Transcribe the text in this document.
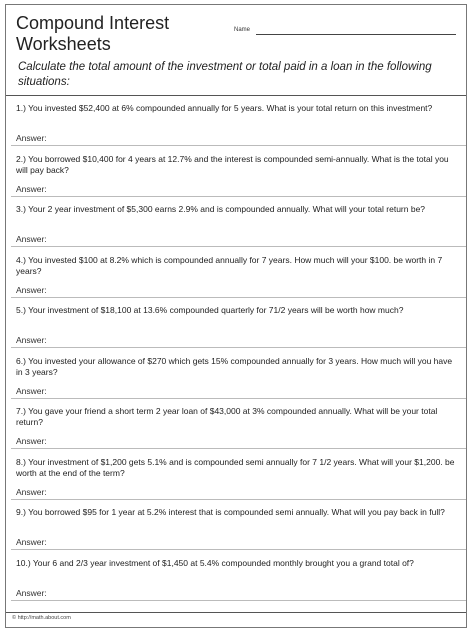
Compound Interest
Worksheets
Name
Calculate the total amount of the investment or total paid in a loan in the following situations:

1.) You invested $52,400 at 6% compounded annually for 5 years. What is your total return on this investment?

Answer:

2.) You borrowed $10,400 for 4 years at 12.7% and the interest is compounded semi-annually. What is the total you will pay back?

Answer:

3.) Your 2 year investment of $5,300 earns 2.9% and is compounded annually. What will your total return be?

Answer:

4.) You invested $100 at 8.2% which is compounded annually for 7 years. How much will your $100. be worth in 7 years?

Answer:

5.) Your investment of $18,100 at 13.6% compounded quarterly for 71/2 years will be worth how much?

Answer:

6.) You invested your allowance of $270 which gets 15% compounded annually for 3 years. How much will you have in 3 years?

Answer:

7.) You gave your friend a short term 2 year loan of $43,000 at 3% compounded annually. What will be your total return?

Answer:

8.) Your investment of $1,200 gets 5.1% and is compounded semi annually for 7 1/2 years. What will your $1,200. be worth at the end of the term?

Answer:

9.) You borrowed $95 for 1 year at 5.2% interest that is compounded semi annually. What will you pay back in full?

Answer:

10.) Your 6 and 2/3 year investment of $1,450 at 5.4% compounded monthly brought you a grand total of?

Answer:
© http://math.about.com
